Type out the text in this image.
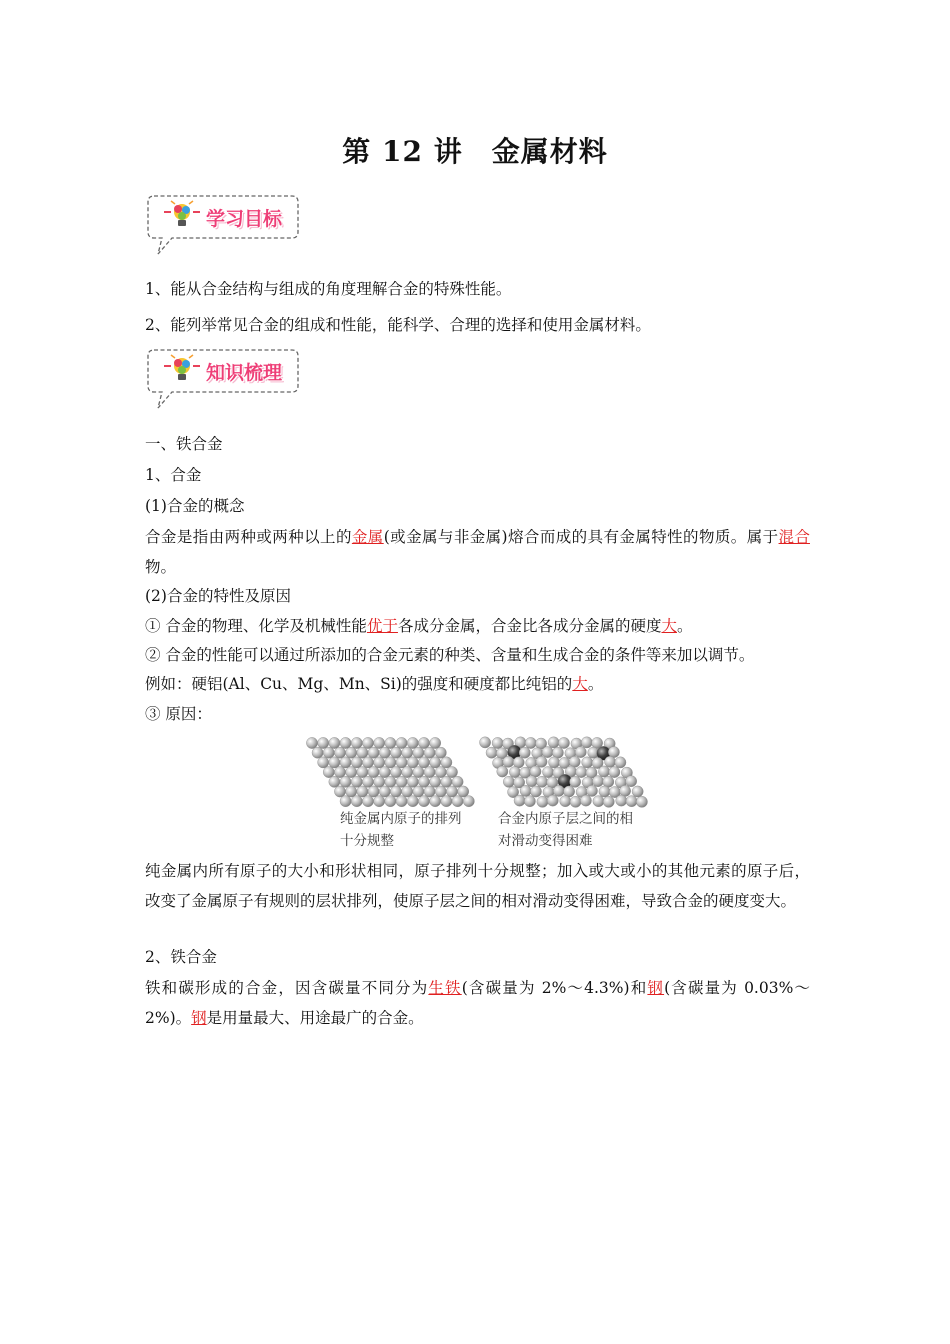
第 12 讲　金属材料
学习目标
1、能从合金结构与组成的角度理解合金的特殊性能。
2、能列举常见合金的组成和性能，能科学、合理的选择和使用金属材料。
知识梳理
一、铁合金
1、合金
(1)合金的概念
合金是指由两种或两种以上的金属(或金属与非金属)熔合而成的具有金属特性的物质。属于混合物。
(2)合金的特性及原因
① 合金的物理、化学及机械性能优于各成分金属，合金比各成分金属的硬度大。
② 合金的性能可以通过所添加的合金元素的种类、含量和生成合金的条件等来加以调节。
例如：硬铝(Al、Cu、Mg、Mn、Si)的强度和硬度都比纯铝的大。
③ 原因：
纯金属内原子的排列
十分规整
合金内原子层之间的相
对滑动变得困难
纯金属内所有原子的大小和形状相同，原子排列十分规整；加入或大或小的其他元素的原子后，改变了金属原子有规则的层状排列，使原子层之间的相对滑动变得困难，导致合金的硬度变大。
2、铁合金
铁和碳形成的合金，因含碳量不同分为生铁(含碳量为 2%～4.3%)和钢(含碳量为 0.03%～2%)。钢是用量最大、用途最广的合金。
